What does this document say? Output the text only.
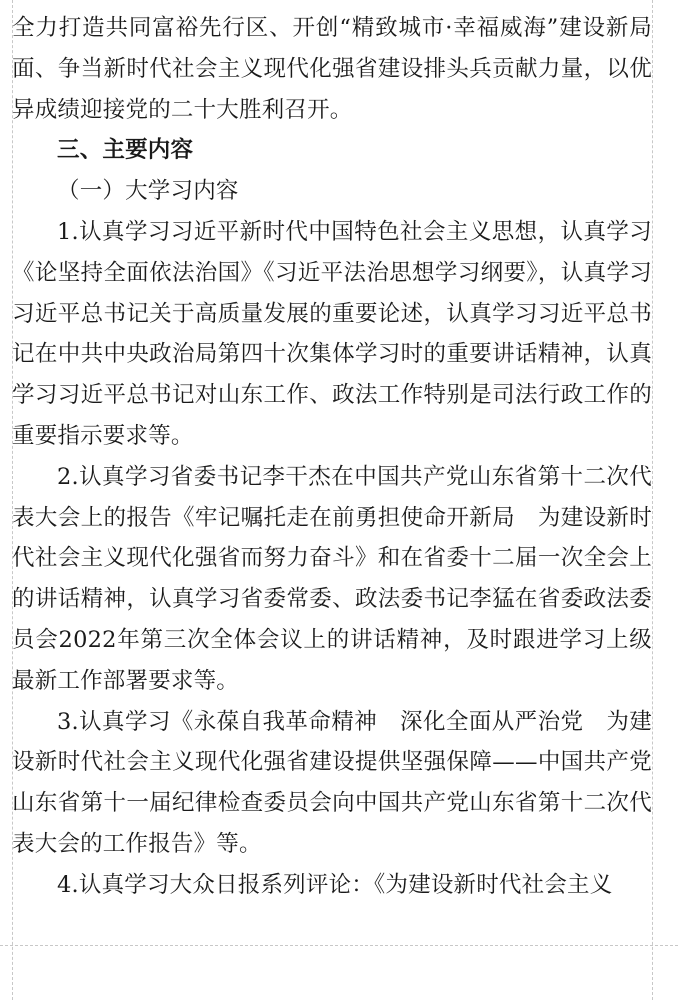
全力打造共同富裕先行区、开创“精致城市·幸福威海”建设新局面、争当新时代社会主义现代化强省建设排头兵贡献力量，以优异成绩迎接党的二十大胜利召开。

三、主要内容

（一）大学习内容

1.认真学习习近平新时代中国特色社会主义思想，认真学习《论坚持全面依法治国》《习近平法治思想学习纲要》，认真学习习近平总书记关于高质量发展的重要论述，认真学习习近平总书记在中共中央政治局第四十次集体学习时的重要讲话精神，认真学习习近平总书记对山东工作、政法工作特别是司法行政工作的重要指示要求等。

2.认真学习省委书记李干杰在中国共产党山东省第十二次代表大会上的报告《牢记嘱托走在前勇担使命开新局　为建设新时代社会主义现代化强省而努力奋斗》和在省委十二届一次全会上的讲话精神，认真学习省委常委、政法委书记李猛在省委政法委员会2022年第三次全体会议上的讲话精神，及时跟进学习上级最新工作部署要求等。

3.认真学习《永葆自我革命精神　深化全面从严治党　为建设新时代社会主义现代化强省建设提供坚强保障——中国共产党山东省第十一届纪律检查委员会向中国共产党山东省第十二次代表大会的工作报告》等。

4.认真学习大众日报系列评论：《为建设新时代社会主义
